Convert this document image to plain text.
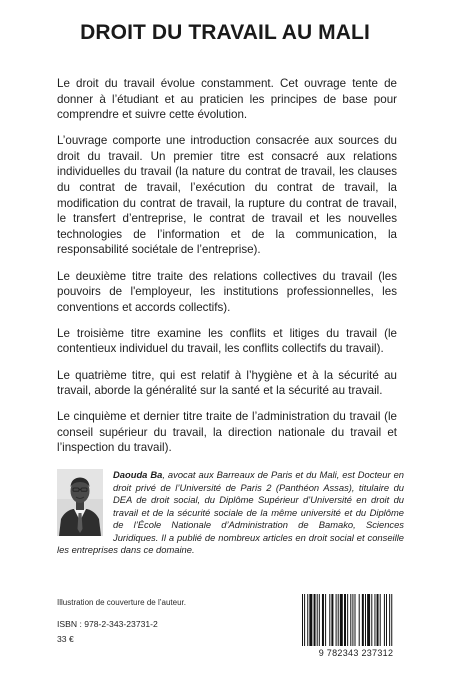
DROIT DU TRAVAIL AU MALI

Le droit du travail évolue constamment. Cet ouvrage tente de donner à l’étudiant et au praticien les principes de base pour comprendre et suivre cette évolution.

L’ouvrage comporte une introduction consacrée aux sources du droit du travail. Un premier titre est consacré aux relations individuelles du travail (la nature du contrat de travail, les clauses du contrat de travail, l’exécution du contrat de travail, la modification du contrat de travail, la rupture du contrat de travail, le transfert d’entreprise, le contrat de travail et les nouvelles technologies de l’information et de la communication, la responsabilité sociétale de l’entreprise).

Le deuxième titre traite des relations collectives du travail (les pouvoirs de l'employeur, les institutions professionnelles, les conventions et accords collectifs).

Le troisième titre examine les conflits et litiges du travail (le contentieux individuel du travail, les conflits collectifs du travail).

Le quatrième titre, qui est relatif à l’hygiène et à la sécurité au travail, aborde la généralité sur la santé et la sécurité au travail.

Le cinquième et dernier titre traite de l’administration du travail (le conseil supérieur du travail, la direction nationale du travail et l’inspection du travail).

Daouda Ba, avocat aux Barreaux de Paris et du Mali, est Docteur en droit privé de l’Université de Paris 2 (Panthéon Assas), titulaire du DEA de droit social, du Diplôme Supérieur d’Université en droit du travail et de la sécurité sociale de la même université et du Diplôme de l’École Nationale d’Administration de Bamako, Sciences Juridiques. Il a publié de nombreux articles en droit social et conseille les entreprises dans ce domaine.

Illustration de couverture de l’auteur.

ISBN : 978-2-343-23731-2

33 €

9 782343 237312
